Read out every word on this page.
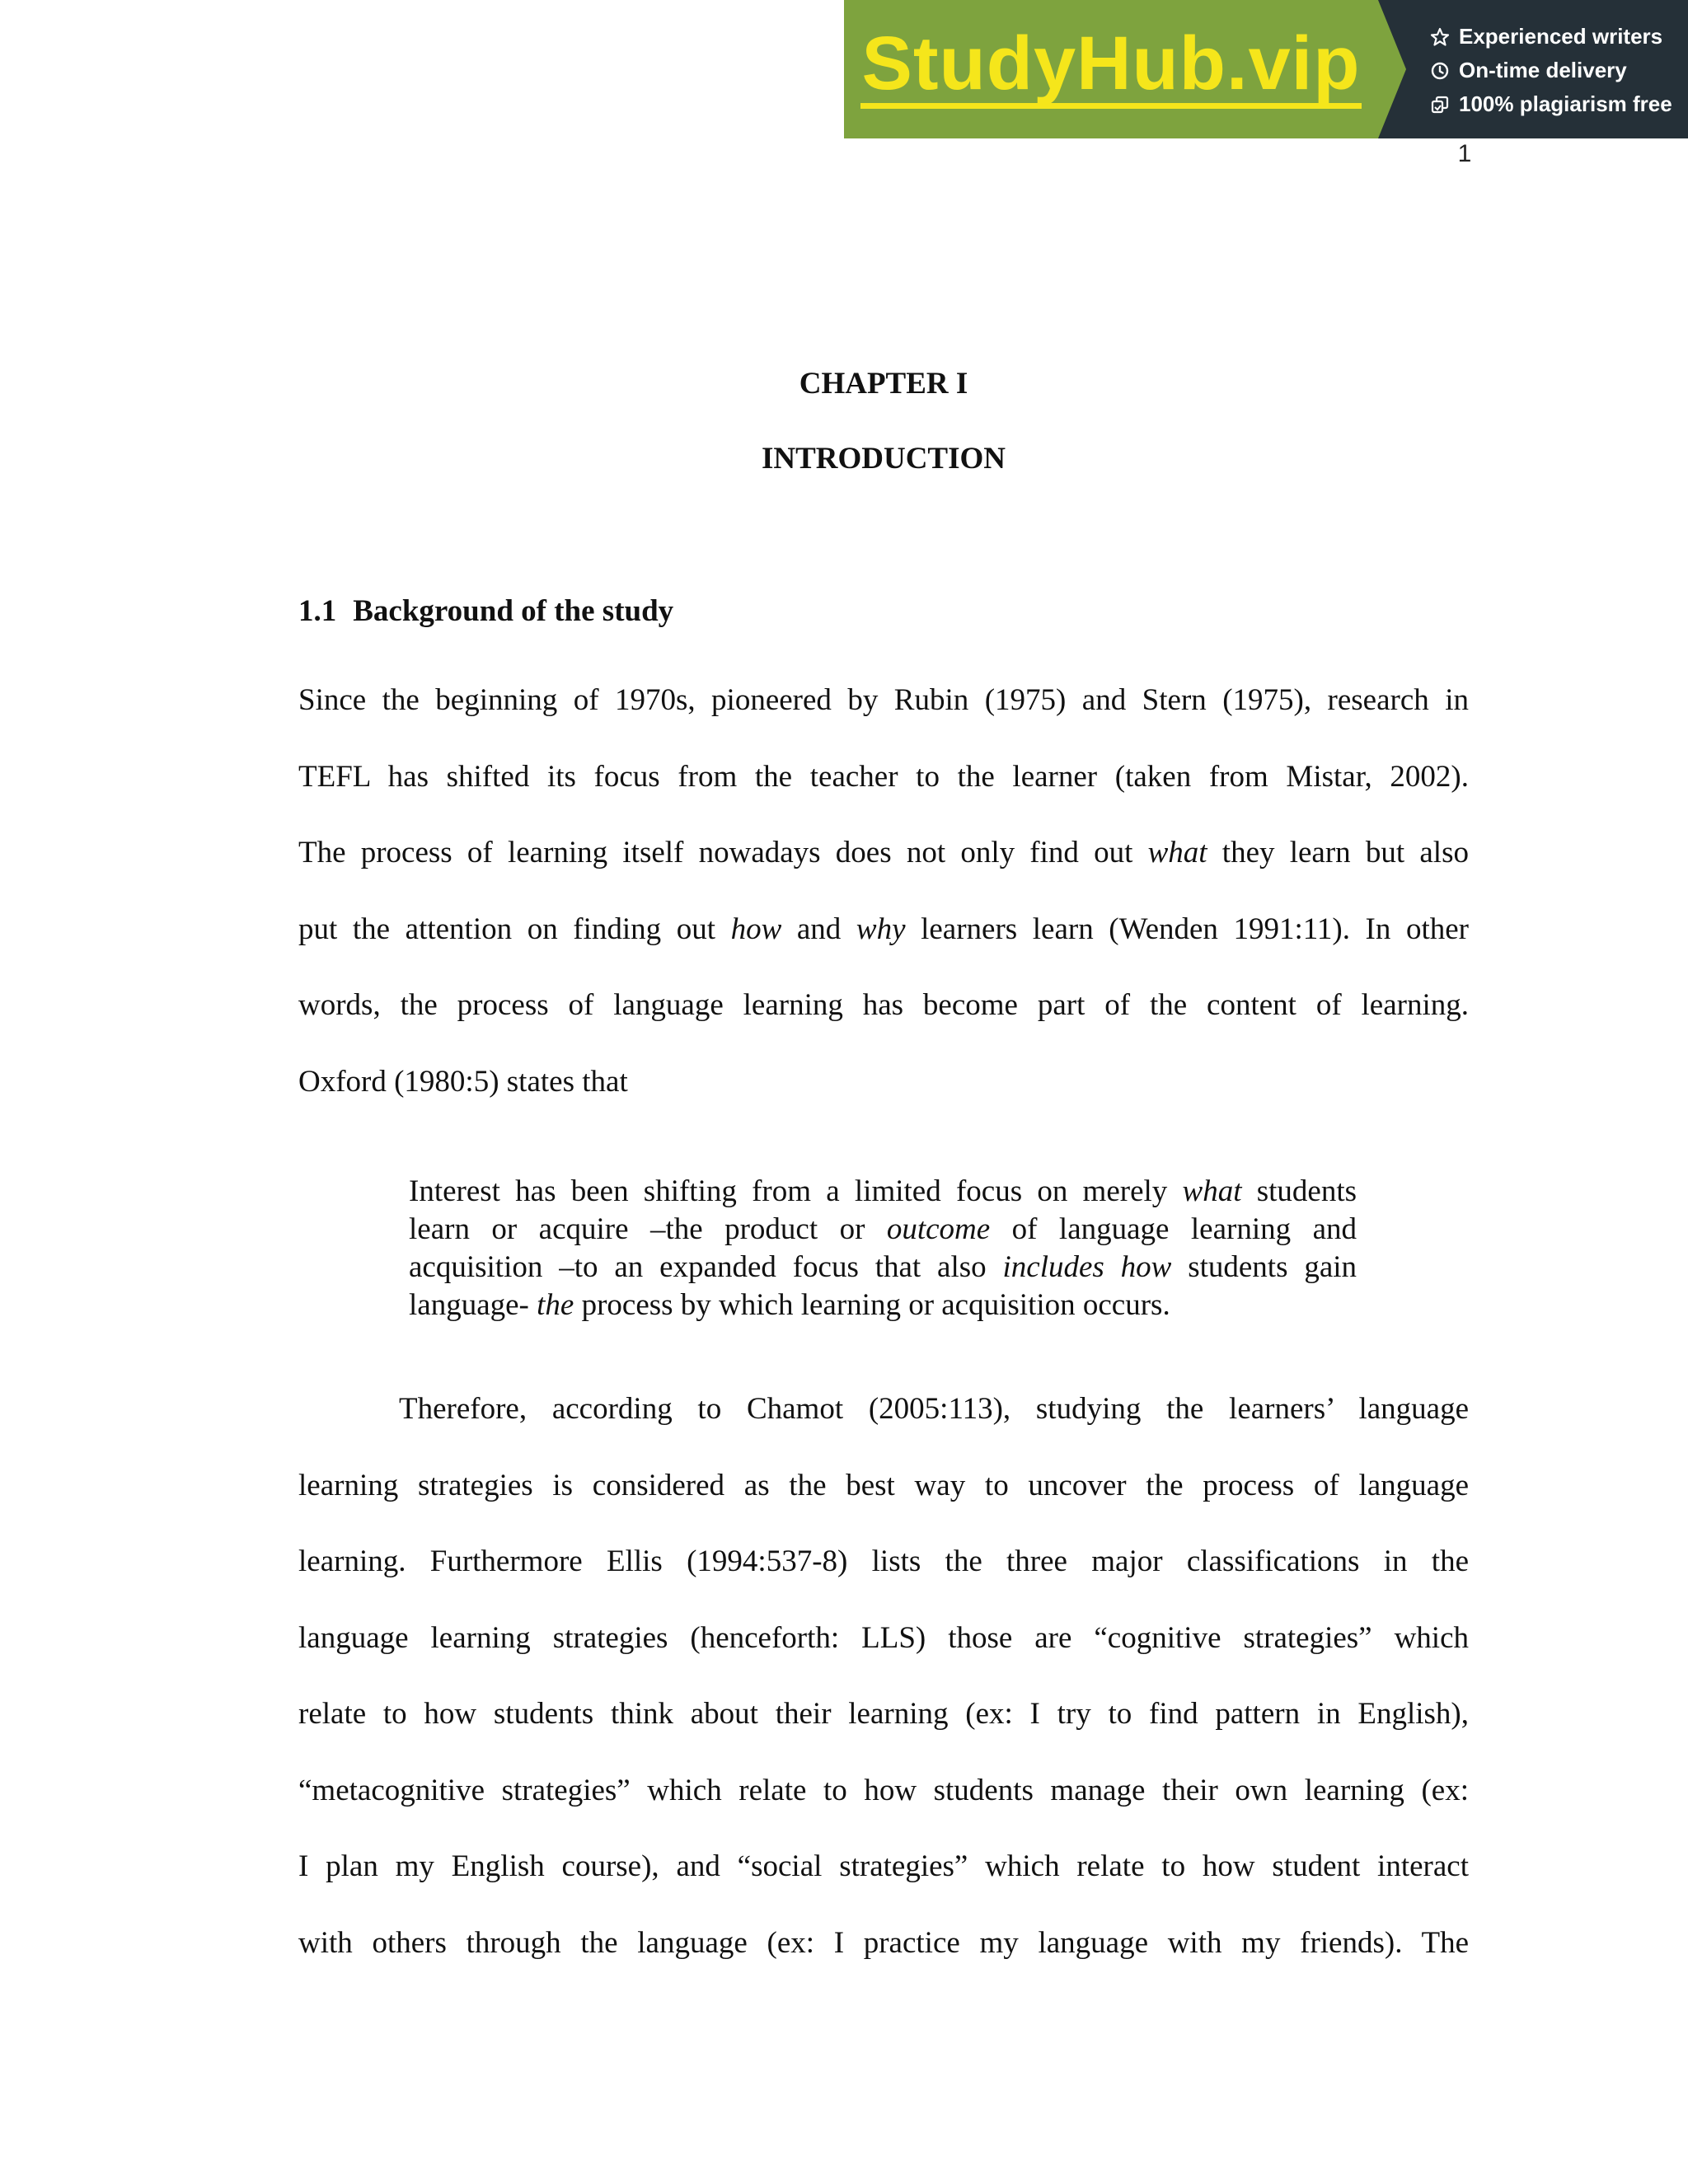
StudyHub.vip	Experienced writers
On-time delivery
100% plagiarism free
1
CHAPTER I
INTRODUCTION
1.1 Background of the study
Since the beginning of 1970s, pioneered by Rubin (1975) and Stern (1975), research in
TEFL has shifted its focus from the teacher to the learner (taken from Mistar, 2002).
The process of learning itself nowadays does not only find out what they learn but also
put the attention on finding out how and why learners learn (Wenden 1991:11). In other
words, the process of language learning has become part of the content of learning.
Oxford (1980:5) states that
Interest has been shifting from a limited focus on merely what students
learn or acquire –the product or outcome of language learning and
acquisition –to an expanded focus that also includes how students gain
language- the process by which learning or acquisition occurs.
Therefore, according to Chamot (2005:113), studying the learners’ language
learning strategies is considered as the best way to uncover the process of language
learning. Furthermore Ellis (1994:537-8) lists the three major classifications in the
language learning strategies (henceforth: LLS) those are “cognitive strategies” which
relate to how students think about their learning (ex: I try to find pattern in English),
“metacognitive strategies” which relate to how students manage their own learning (ex:
I plan my English course), and “social strategies” which relate to how student interact
with others through the language (ex: I practice my language with my friends). The
